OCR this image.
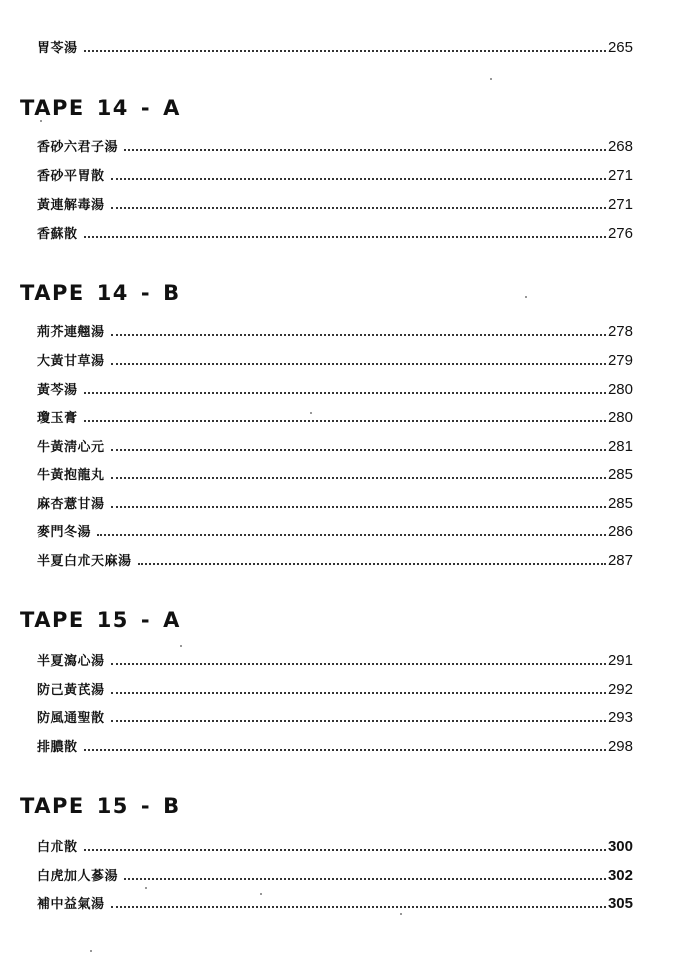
胃苓湯	265
TAPE 14 - A
香砂六君子湯	268
香砂平胃散	271
黃連解毒湯	271
香蘇散	276
TAPE 14 - B
荊芥連翹湯	278
大黃甘草湯	279
黃芩湯	280
瓊玉膏	280
牛黃淸心元	281
牛黃抱龍丸	285
麻杏薏甘湯	285
麥門冬湯	286
半夏白朮天麻湯	287
TAPE 15 - A
半夏瀉心湯	291
防己黃芪湯	292
防風通聖散	293
排膿散	298
TAPE 15 - B
白朮散	300
白虎加人蔘湯	302
補中益氣湯	305
